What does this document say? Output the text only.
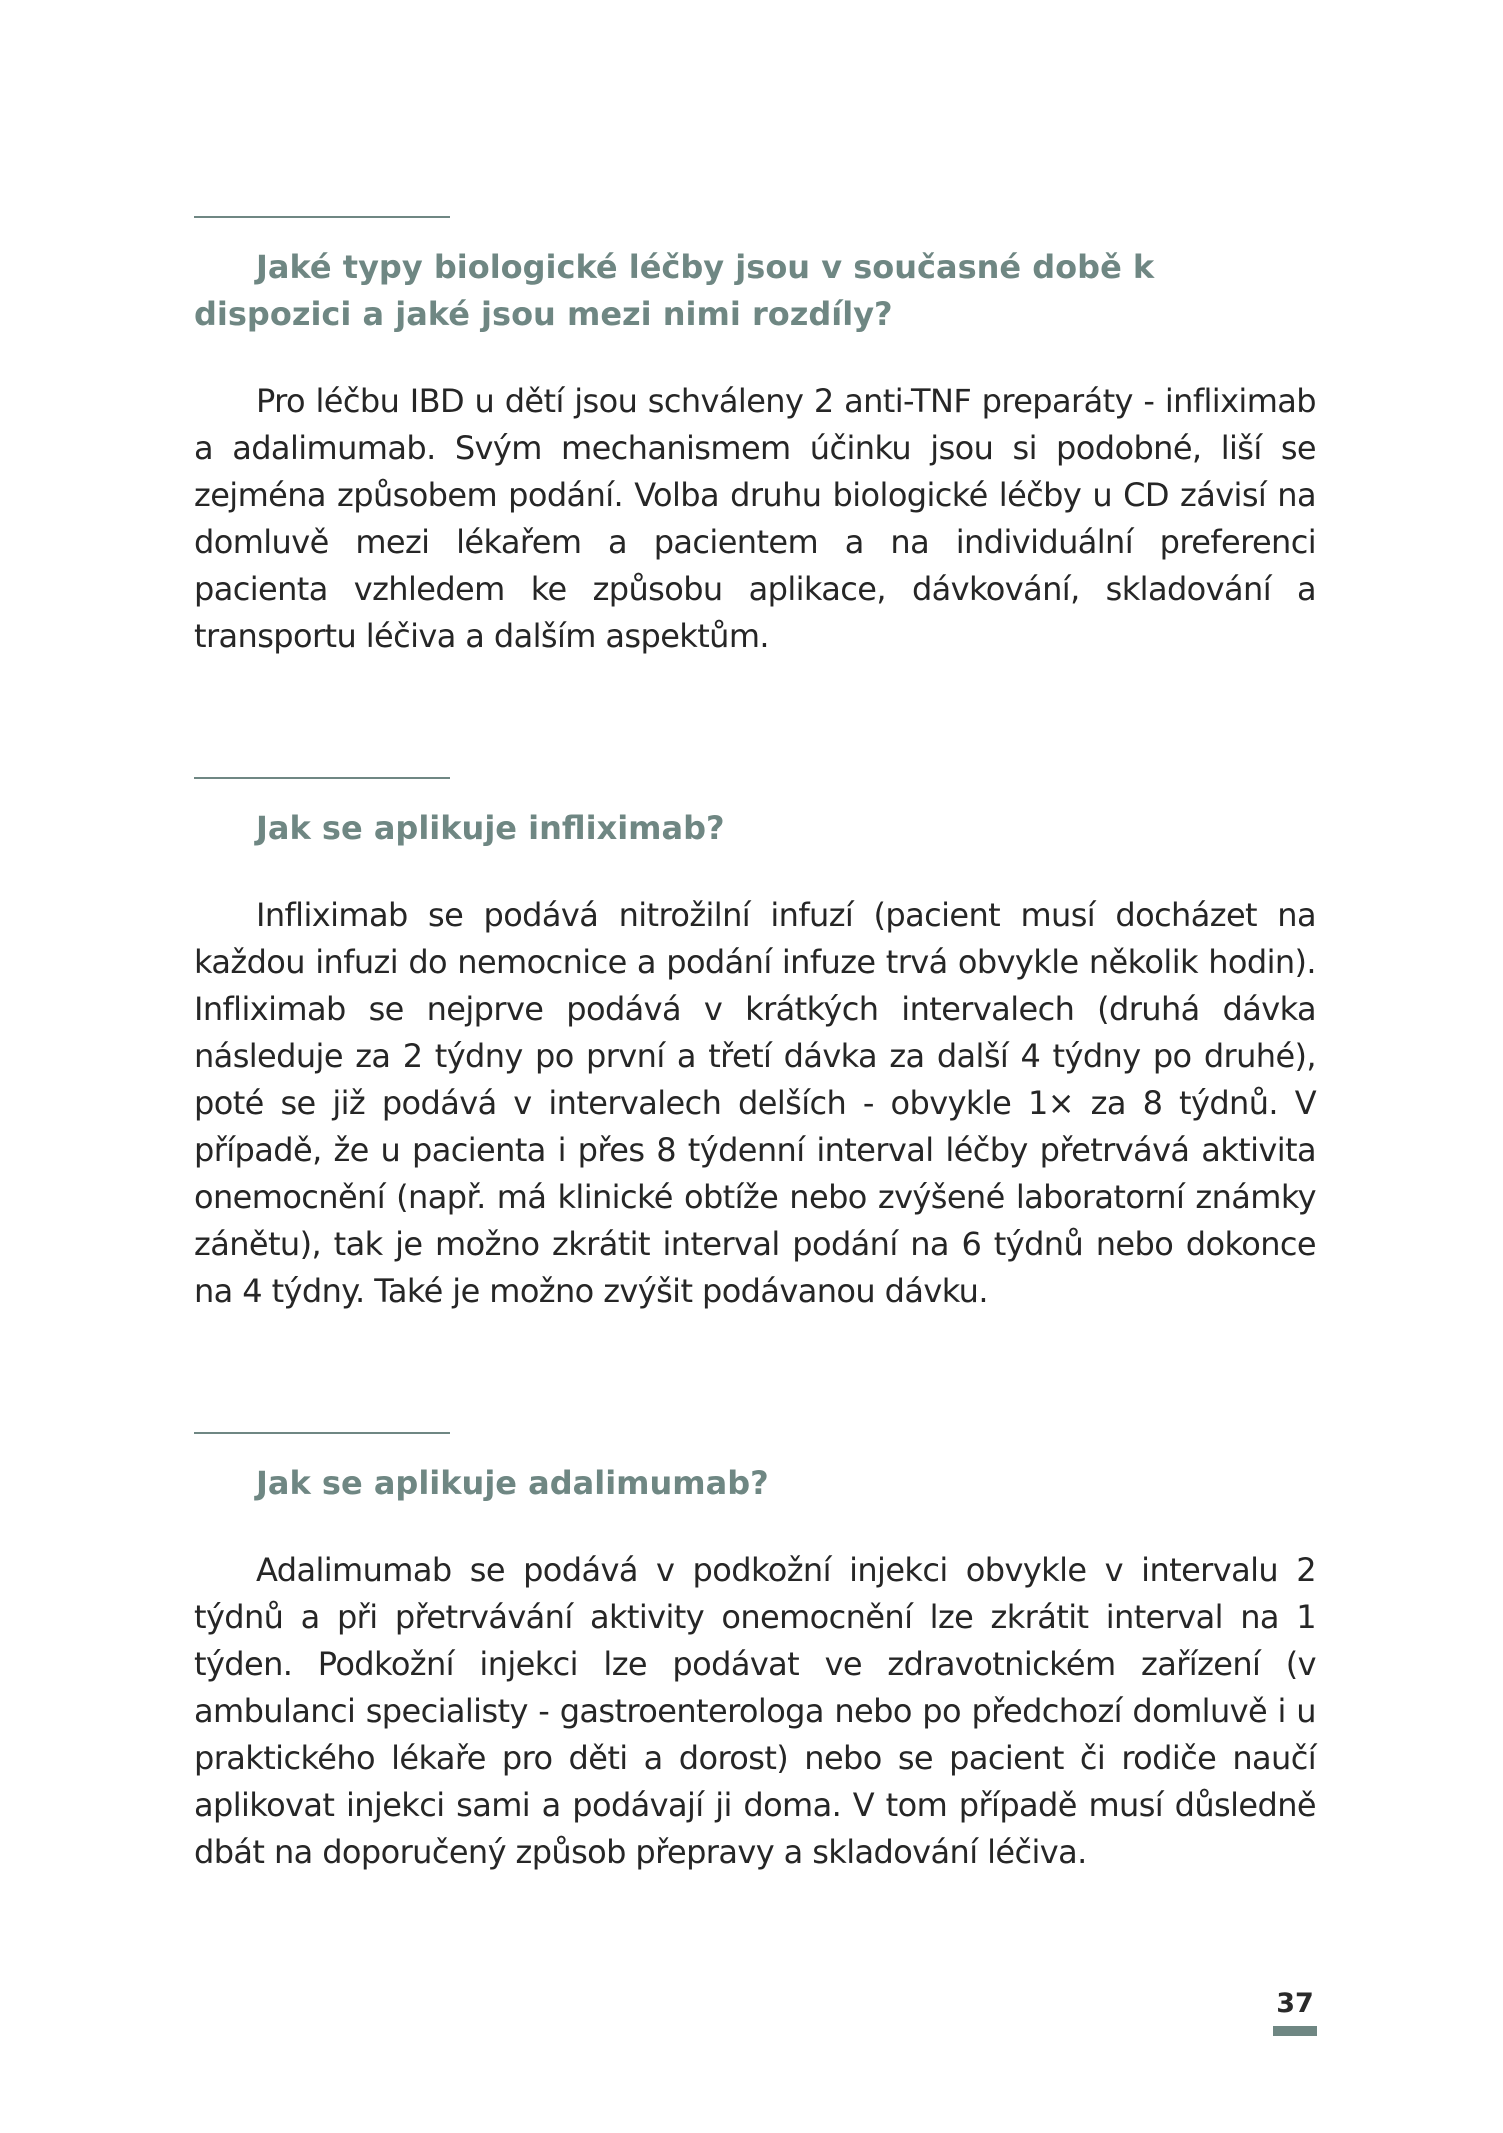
Jaké typy biologické léčby jsou v současné době k dispozici a jaké jsou mezi nimi rozdíly?

Pro léčbu IBD u dětí jsou schváleny 2 anti-TNF preparáty - infliximab a adalimumab. Svým mechanismem účinku jsou si podobné, liší se zejména způsobem podání. Volba druhu biologické léčby u CD závisí na domluvě mezi lékařem a pacientem a na individuální preferenci pacienta vzhledem ke způsobu aplikace, dávkování, skladování a transportu léčiva a dalším aspektům.

Jak se aplikuje infliximab?

Infliximab se podává nitrožilní infuzí (pacient musí docházet na každou infuzi do nemocnice a podání infuze trvá obvykle několik hodin). Infliximab se nejprve podává v krátkých intervalech (druhá dávka následuje za 2 týdny po první a třetí dávka za další 4 týdny po druhé), poté se již podává v intervalech delších - obvykle 1× za 8 týdnů. V případě, že u pacienta i přes 8 týdenní interval léčby přetrvává aktivita onemocnění (např. má klinické obtíže nebo zvýšené laboratorní známky zánětu), tak je možno zkrátit interval podání na 6 týdnů nebo dokonce na 4 týdny. Také je možno zvýšit podávanou dávku.

Jak se aplikuje adalimumab?

Adalimumab se podává v podkožní injekci obvykle v intervalu 2 týdnů a při přetrvávání aktivity onemocnění lze zkrátit interval na 1 týden. Podkožní injekci lze podávat ve zdravotnickém zařízení (v ambulanci specialisty - gastroenterologa nebo po předchozí domluvě i u praktického lékaře pro děti a dorost) nebo se pacient či rodiče naučí aplikovat injekci sami a podávají ji doma. V tom případě musí důsledně dbát na doporučený způsob přepravy a skladování léčiva.

37
